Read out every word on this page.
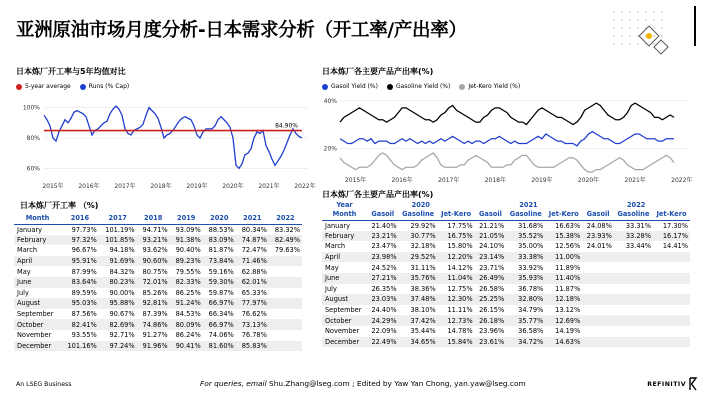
亚洲原油市场月度分析-日本需求分析（开工率/产出率）
日本炼厂开工率与5年均值对比
5-year average	Runs (% Cap)
60%
80%
100%
2015年 2016年 2017年 2018年 2019年 2020年 2021年 2022年
84.90%
日本炼厂各主要产品产出率(%)
Gasoil Yield (%)	Gasoline Yield (%)	Jet-Kero Yield (%)
20%
40%
2015年	2016年	2017年	2018年	2019年	2020年	2021年	2022年
日本炼厂开工率 （%)
Month	2016	2017	2018	2019	2020	2021	2022
January	97.73%	101.19%	94.71%	93.09%	88.53%	80.34%	83.32%
February	97.32%	101.85%	93.21%	91.38%	83.09%	74.87%	82.49%
March	96.67%	94.18%	93.62%	90.40%	81.87%	72.47%	79.63%
April	95.91%	91.69%	90.60%	89.23%	73.84%	71.46%	
May	87.99%	84.32%	80.75%	79.55%	59.16%	62.88%	
June	83.64%	80.23%	72.01%	82.33%	59.30%	62.01%	
July	89.59%	90.00%	85.26%	86.25%	59.87%	65.33%	
August	95.03%	95.88%	92.81%	91.24%	66.97%	77.97%	
September	87.56%	90.67%	87.39%	84.53%	66.34%	76.62%	
October	82.41%	82.69%	74.86%	80.09%	66.97%	73.13%	
November	93.55%	92.71%	91.27%	86.24%	74.06%	76.78%	
December	101.16%	97.24%	91.96%	90.41%	81.60%	85.83%	
日本炼厂各主要产品产出率(%)
Year	2020			2021			2022		
Month	Gasoil	Gasoline	Jet-Kero	Gasoil	Gasoline	Jet-Kero	Gasoil	Gasoline	Jet-Kero
January	21.40%	29.92%	17.75%	21.21%	31.68%	16.63%	24.08%	33.31%	17.30%
February	23.21%	30.77%	16.75%	21.05%	35.52%	15.38%	23.93%	33.28%	16.17%
March	23.47%	32.18%	15.80%	24.10%	35.00%	12.56%	24.01%	33.44%	14.41%
April	23.98%	29.52%	12.20%	23.14%	33.38%	11.00%			
May	24.52%	31.11%	14.12%	23.71%	33.92%	11.89%			
June	27.21%	35.76%	11.04%	26.49%	35.93%	11.40%			
July	26.35%	38.36%	12.75%	26.58%	36.78%	11.87%			
August	23.03%	37.48%	12.30%	25.25%	32.80%	12.18%			
September	24.40%	38.10%	11.11%	26.15%	34.79%	13.12%			
October	24.29%	37.42%	12.73%	26.18%	35.77%	12.69%			
November	22.09%	35.44%	14.78%	23.96%	36.58%	14.19%			
December	22.49%	34.65%	15.84%	23.61%	34.72%	14.63%			
An LSEG Business	For queries, email Shu.Zhang@lseg.com ; Edited by Yaw Yan Chong, yan.yaw@lseg.com	REFINITIV
